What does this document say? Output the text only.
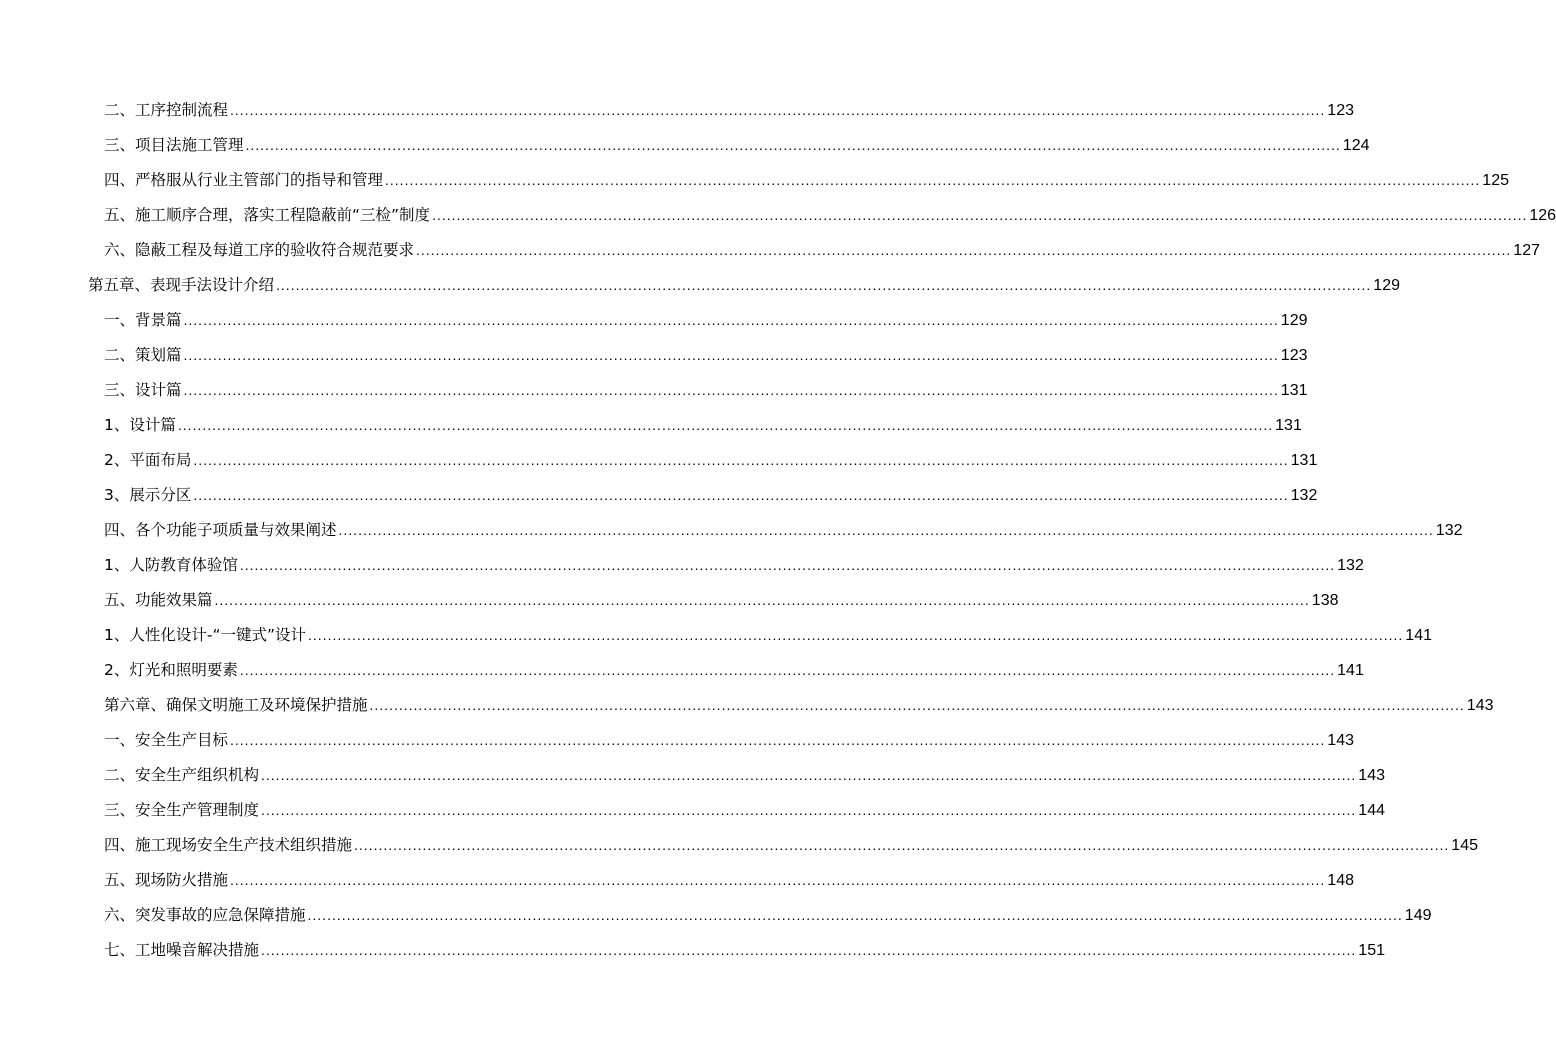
二、工序控制流程 .....	123
三、项目法施工管理 .....	124
四、严格服从行业主管部门的指导和管理 .....	125
五、施工顺序合理，落实工程隐蔽前“三检”制度 .....	126
六、隐蔽工程及每道工序的验收符合规范要求 .....	127
第五章、表现手法设计介绍 .....	129
一、背景篇 .....	129
二、策划篇 .....	123
三、设计篇 .....	131
1、设计篇 .....	131
2、平面布局 .....	131
3、展示分区 .....	132
四、各个功能子项质量与效果阐述 .....	132
1、人防教育体验馆 .....	132
五、功能效果篇 .....	138
1、人性化设计-“一键式”设计 .....	141
2、灯光和照明要素 .....	141
第六章、确保文明施工及环境保护措施 .....	143
一、安全生产目标 .....	143
二、安全生产组织机构 .....	143
三、安全生产管理制度 .....	144
四、施工现场安全生产技术组织措施 .....	145
五、现场防火措施 .....	148
六、突发事故的应急保障措施 .....	149
七、工地噪音解决措施 .....	151
